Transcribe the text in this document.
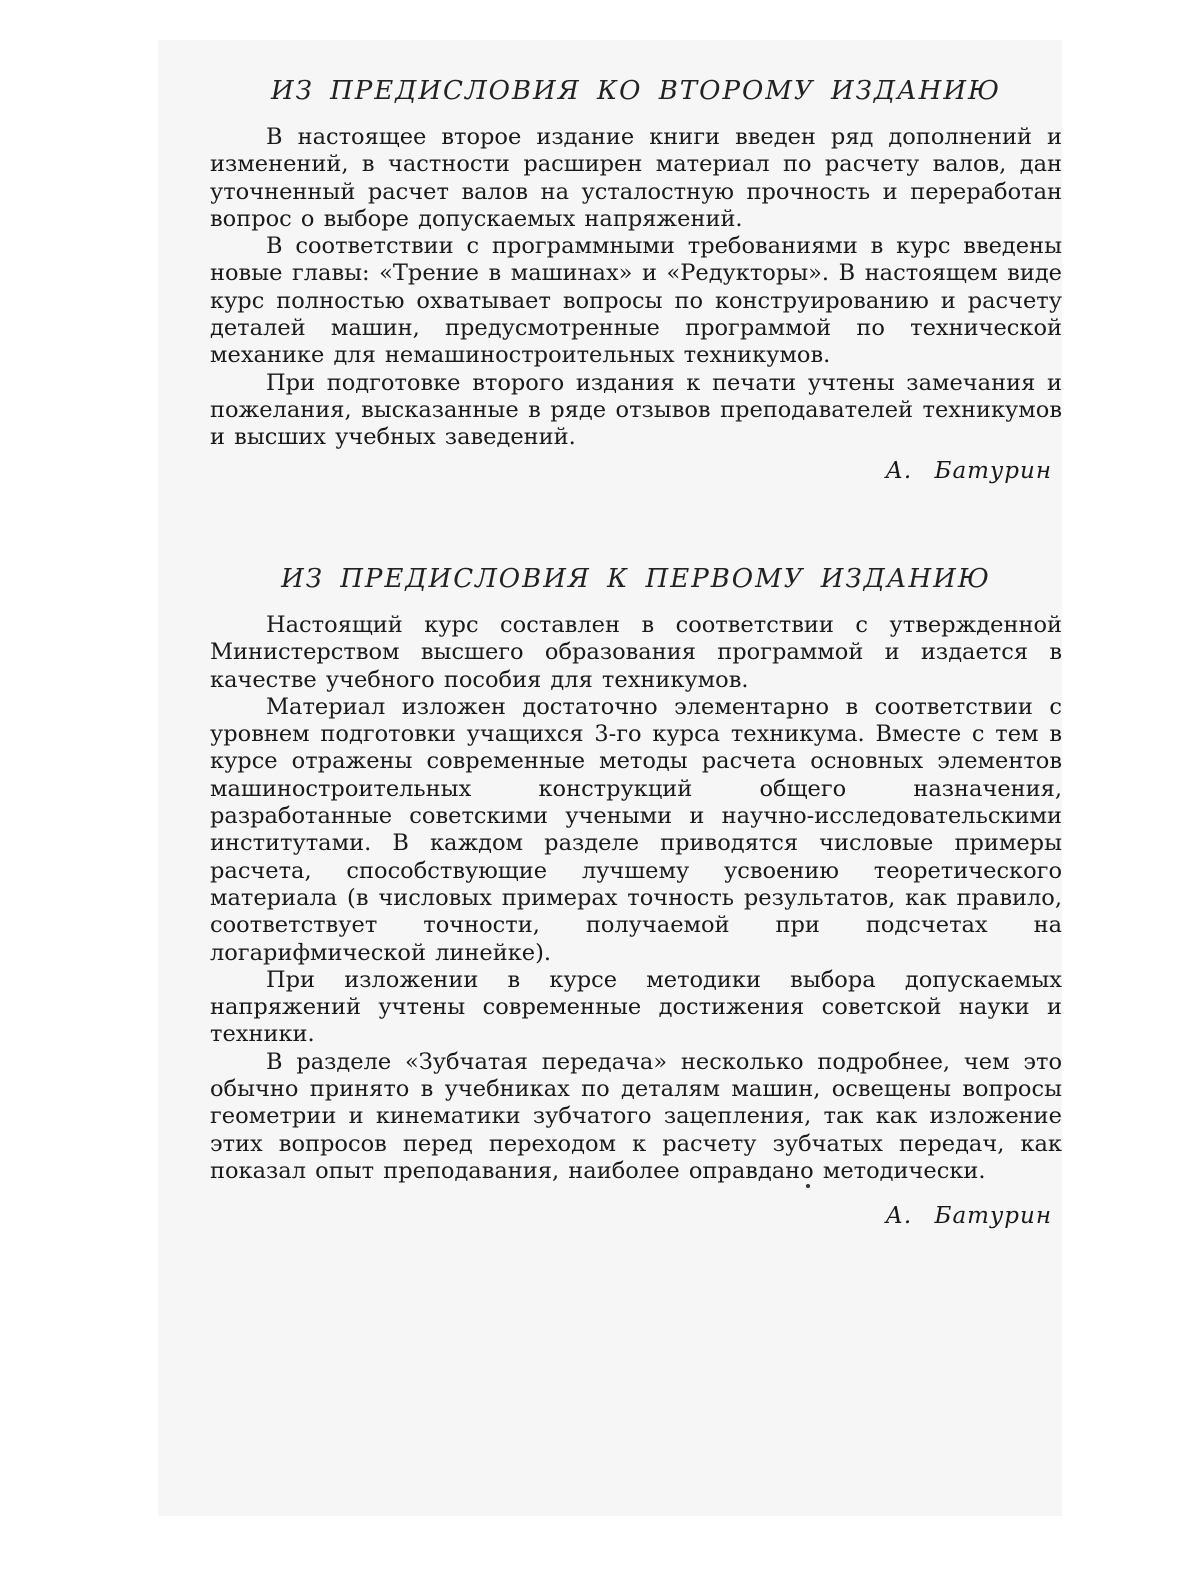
ИЗ ПРЕДИСЛОВИЯ КО ВТОРОМУ ИЗДАНИЮ

В настоящее второе издание книги введен ряд дополнений и изменений, в частности расширен материал по расчету валов, дан уточненный расчет валов на усталостную прочность и переработан вопрос о выборе допускаемых напряжений.

В соответствии с программными требованиями в курс введены новые главы: «Трение в машинах» и «Редукторы». В настоящем виде курс полностью охватывает вопросы по конструированию и расчету деталей машин, предусмотренные программой по технической механике для немашиностроительных техникумов.

При подготовке второго издания к печати учтены замечания и пожелания, высказанные в ряде отзывов преподавателей техникумов и высших учебных заведений.

А. Батурин
ИЗ ПРЕДИСЛОВИЯ К ПЕРВОМУ ИЗДАНИЮ

Настоящий курс составлен в соответствии с утвержденной Министерством высшего образования программой и издается в качестве учебного пособия для техникумов.

Материал изложен достаточно элементарно в соответствии с уровнем подготовки учащихся 3-го курса техникума. Вместе с тем в курсе отражены современные методы расчета основных элементов машиностроительных конструкций общего назначения, разработанные советскими учеными и научно-исследовательскими институтами. В каждом разделе приводятся числовые примеры расчета, способствующие лучшему усвоению теоретического материала (в числовых примерах точность результатов, как правило, соответствует точности, получаемой при подсчетах на логарифмической линейке).

При изложении в курсе методики выбора допускаемых напряжений учтены современные достижения советской науки и техники.

В разделе «Зубчатая передача» несколько подробнее, чем это обычно принято в учебниках по деталям машин, освещены вопросы геометрии и кинематики зубчатого зацепления, так как изложение этих вопросов перед переходом к расчету зубчатых передач, как показал опыт преподавания, наиболее оправдано методически.

А. Батурин
